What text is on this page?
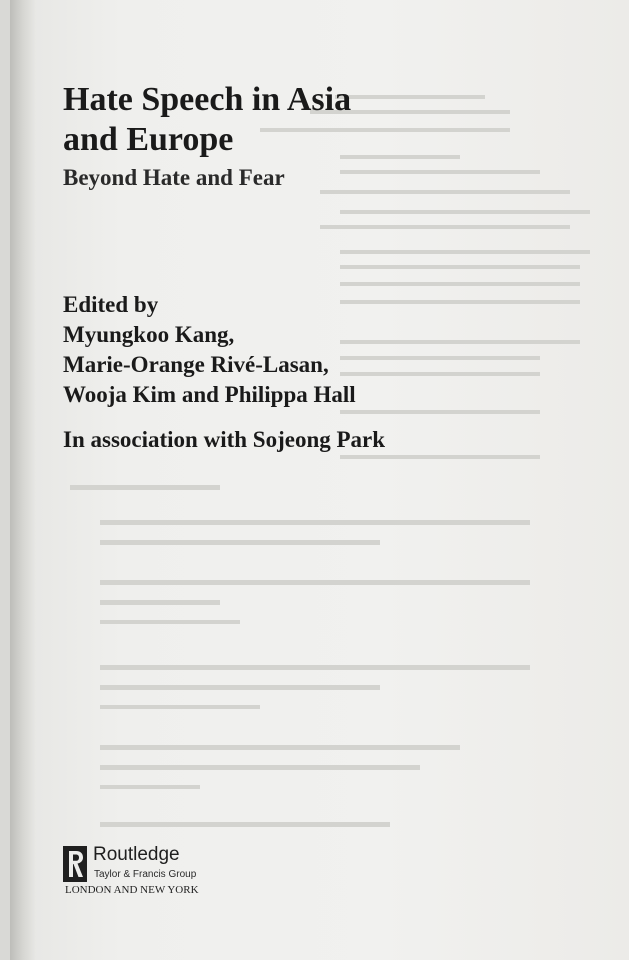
Hate Speech in Asia
and Europe
Beyond Hate and Fear
Edited by
Myungkoo Kang,
Marie-Orange Rivé-Lasan,
Wooja Kim and Philippa Hall
In association with Sojeong Park
Routledge
Taylor & Francis Group
LONDON AND NEW YORK
